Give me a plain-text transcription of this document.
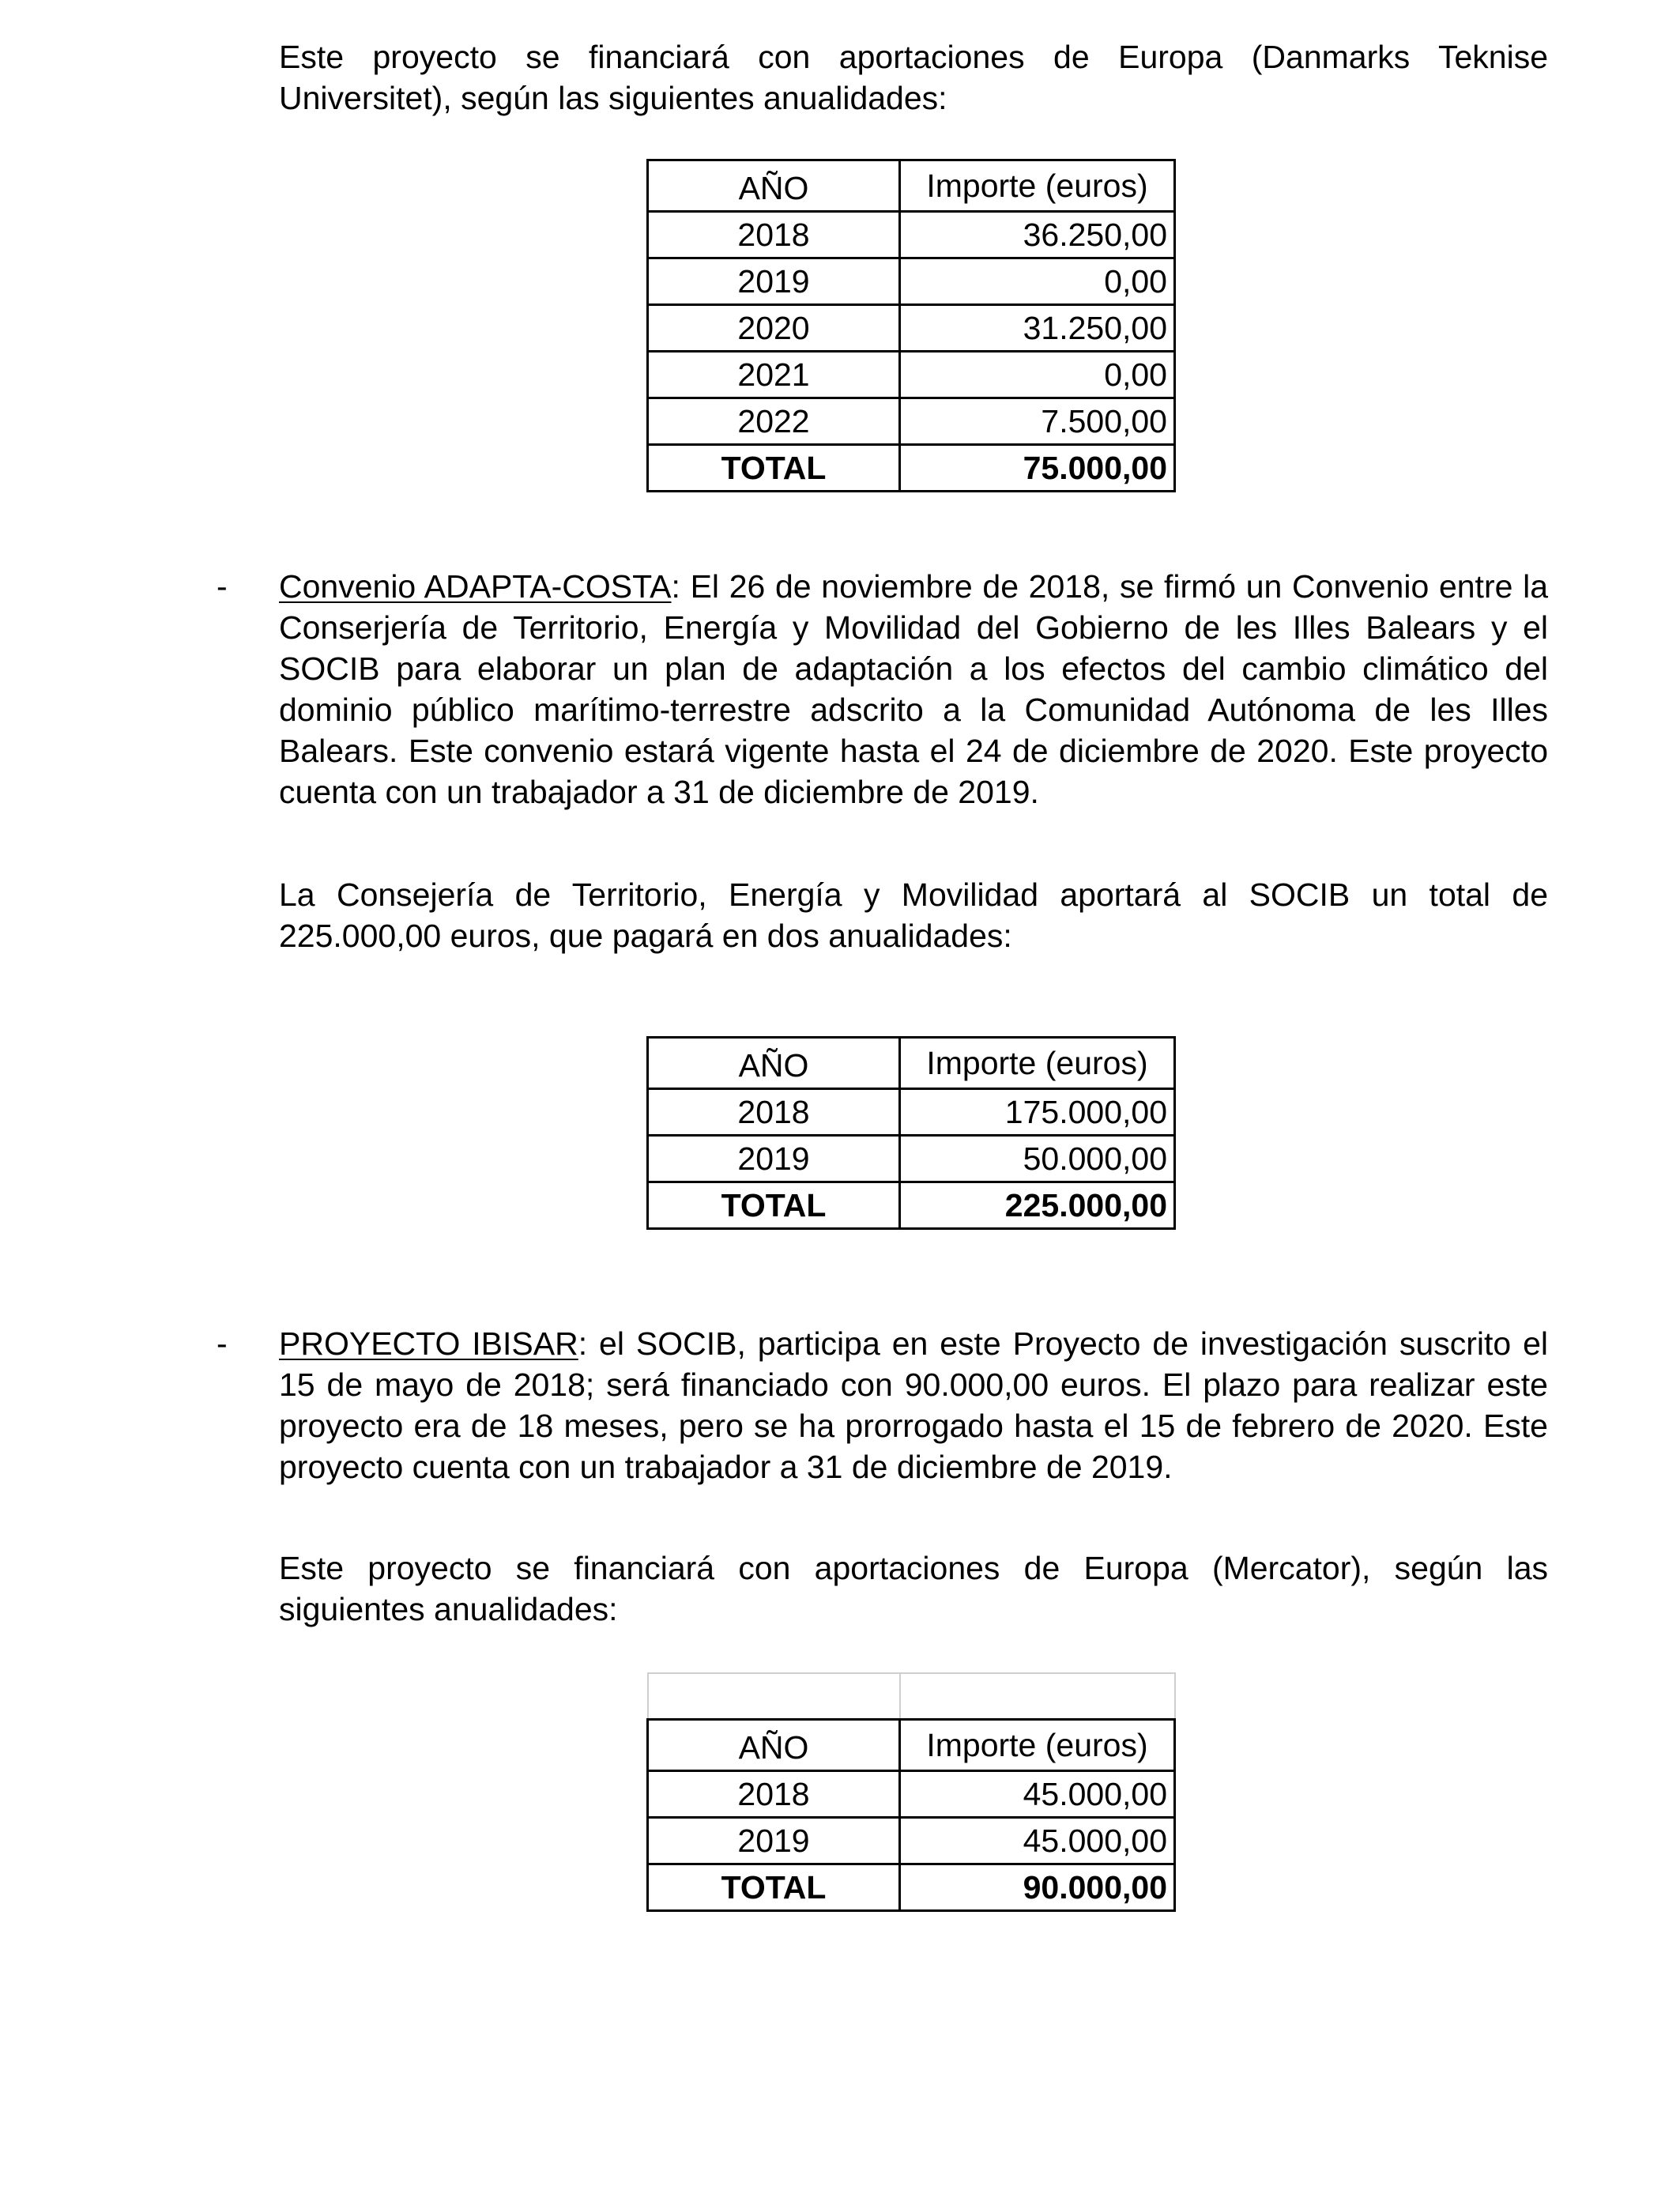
Este proyecto se financiará con aportaciones de Europa (Danmarks Teknise Universitet), según las siguientes anualidades:

AÑO	Importe (euros)
2018	36.250,00
2019	0,00
2020	31.250,00
2021	0,00
2022	7.500,00
TOTAL	75.000,00
- Convenio ADAPTA-COSTA: El 26 de noviembre de 2018, se firmó un Convenio entre la Conserjería de Territorio, Energía y Movilidad del Gobierno de les Illes Balears y el SOCIB para elaborar un plan de adaptación a los efectos del cambio climático del dominio público marítimo-terrestre adscrito a la Comunidad Autónoma de les Illes Balears. Este convenio estará vigente hasta el 24 de diciembre de 2020. Este proyecto cuenta con un trabajador a 31 de diciembre de 2019.

La Consejería de Territorio, Energía y Movilidad aportará al SOCIB un total de 225.000,00 euros, que pagará en dos anualidades:

AÑO	Importe (euros)
2018	175.000,00
2019	50.000,00
TOTAL	225.000,00
- PROYECTO IBISAR: el SOCIB, participa en este Proyecto de investigación suscrito el 15 de mayo de 2018; será financiado con 90.000,00 euros. El plazo para realizar este proyecto era de 18 meses, pero se ha prorrogado hasta el 15 de febrero de 2020. Este proyecto cuenta con un trabajador a 31 de diciembre de 2019.

Este proyecto se financiará con aportaciones de Europa (Mercator), según las siguientes anualidades:

AÑO	Importe (euros)
2018	45.000,00
2019	45.000,00
TOTAL	90.000,00
